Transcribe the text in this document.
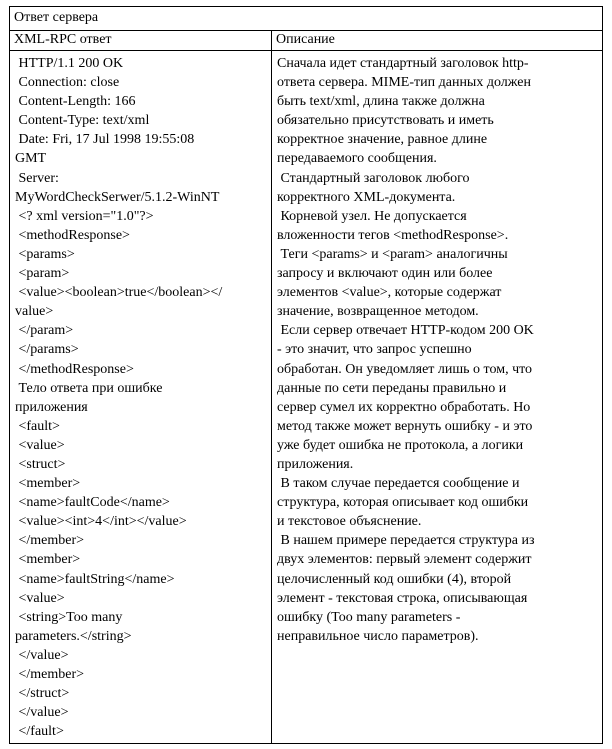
Ответ сервера
XML-RPC ответ	Описание
HTTP/1.1 200 OK
Connection: close
Content-Length: 166
Content-Type: text/xml
Date: Fri, 17 Jul 1998 19:55:08
GMT
Server:
MyWordCheckSerwer/5.1.2-WinNT
<? xml version="1.0"?>
<methodResponse>
<params>
<param>
<value><boolean>true</boolean></
value>
</param>
</params>
</methodResponse>
Тело ответа при ошибке
приложения
<fault>
<value>
<struct>
<member>
<name>faultCode</name>
<value><int>4</int></value>
</member>
<member>
<name>faultString</name>
<value>
<string>Too many
parameters.</string>
</value>
</member>
</struct>
</value>
</fault>
Сначала идет стандартный заголовок http-
ответа сервера. MIME-тип данных должен
быть text/xml, длина также должна
обязательно присутствовать и иметь
корректное значение, равное длине
передаваемого сообщения.
Стандартный заголовок любого
корректного XML-документа.
Корневой узел. Не допускается
вложенности тегов <methodResponse>.
Теги <params> и <param> аналогичны
запросу и включают один или более
элементов <value>, которые содержат
значение, возвращенное методом.
Если сервер отвечает HTTP-кодом 200 OK
- это значит, что запрос успешно
обработан. Он уведомляет лишь о том, что
данные по сети переданы правильно и
сервер сумел их корректно обработать. Но
метод также может вернуть ошибку - и это
уже будет ошибка не протокола, а логики
приложения.
В таком случае передается сообщение и
структура, которая описывает код ошибки
и текстовое объяснение.
В нашем примере передается структура из
двух элементов: первый элемент содержит
целочисленный код ошибки (4), второй
элемент - текстовая строка, описывающая
ошибку (Too many parameters -
неправильное число параметров).
